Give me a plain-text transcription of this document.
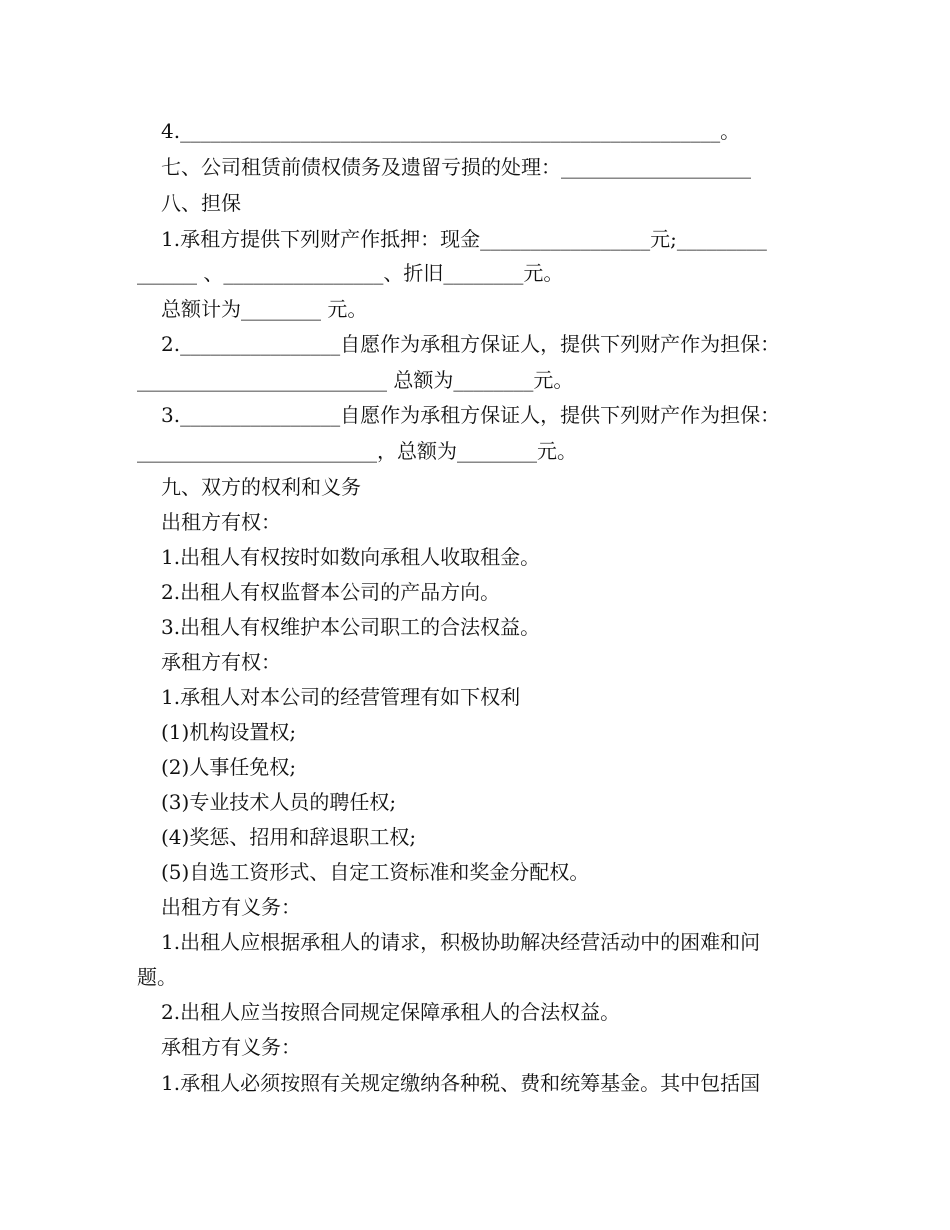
4.______________________________________________________。
七、公司租赁前债权债务及遗留亏损的处理：___________________
八、担保
1.承租方提供下列财产作抵押：现金_________________元;_________
______ 、________________、折旧________元。
总额计为________ 元。
2.________________自愿作为承租方保证人，提供下列财产作为担保：
_________________________ 总额为________元。
3.________________自愿作为承租方保证人，提供下列财产作为担保：
________________________，总额为________元。
九、双方的权利和义务
出租方有权：
1.出租人有权按时如数向承租人收取租金。
2.出租人有权监督本公司的产品方向。
3.出租人有权维护本公司职工的合法权益。
承租方有权：
1.承租人对本公司的经营管理有如下权利
(1)机构设置权;
(2)人事任免权;
(3)专业技术人员的聘任权;
(4)奖惩、招用和辞退职工权;
(5)自选工资形式、自定工资标准和奖金分配权。
出租方有义务：
1.出租人应根据承租人的请求，积极协助解决经营活动中的困难和问
题。
2.出租人应当按照合同规定保障承租人的合法权益。
承租方有义务：
1.承租人必须按照有关规定缴纳各种税、费和统筹基金。其中包括国
